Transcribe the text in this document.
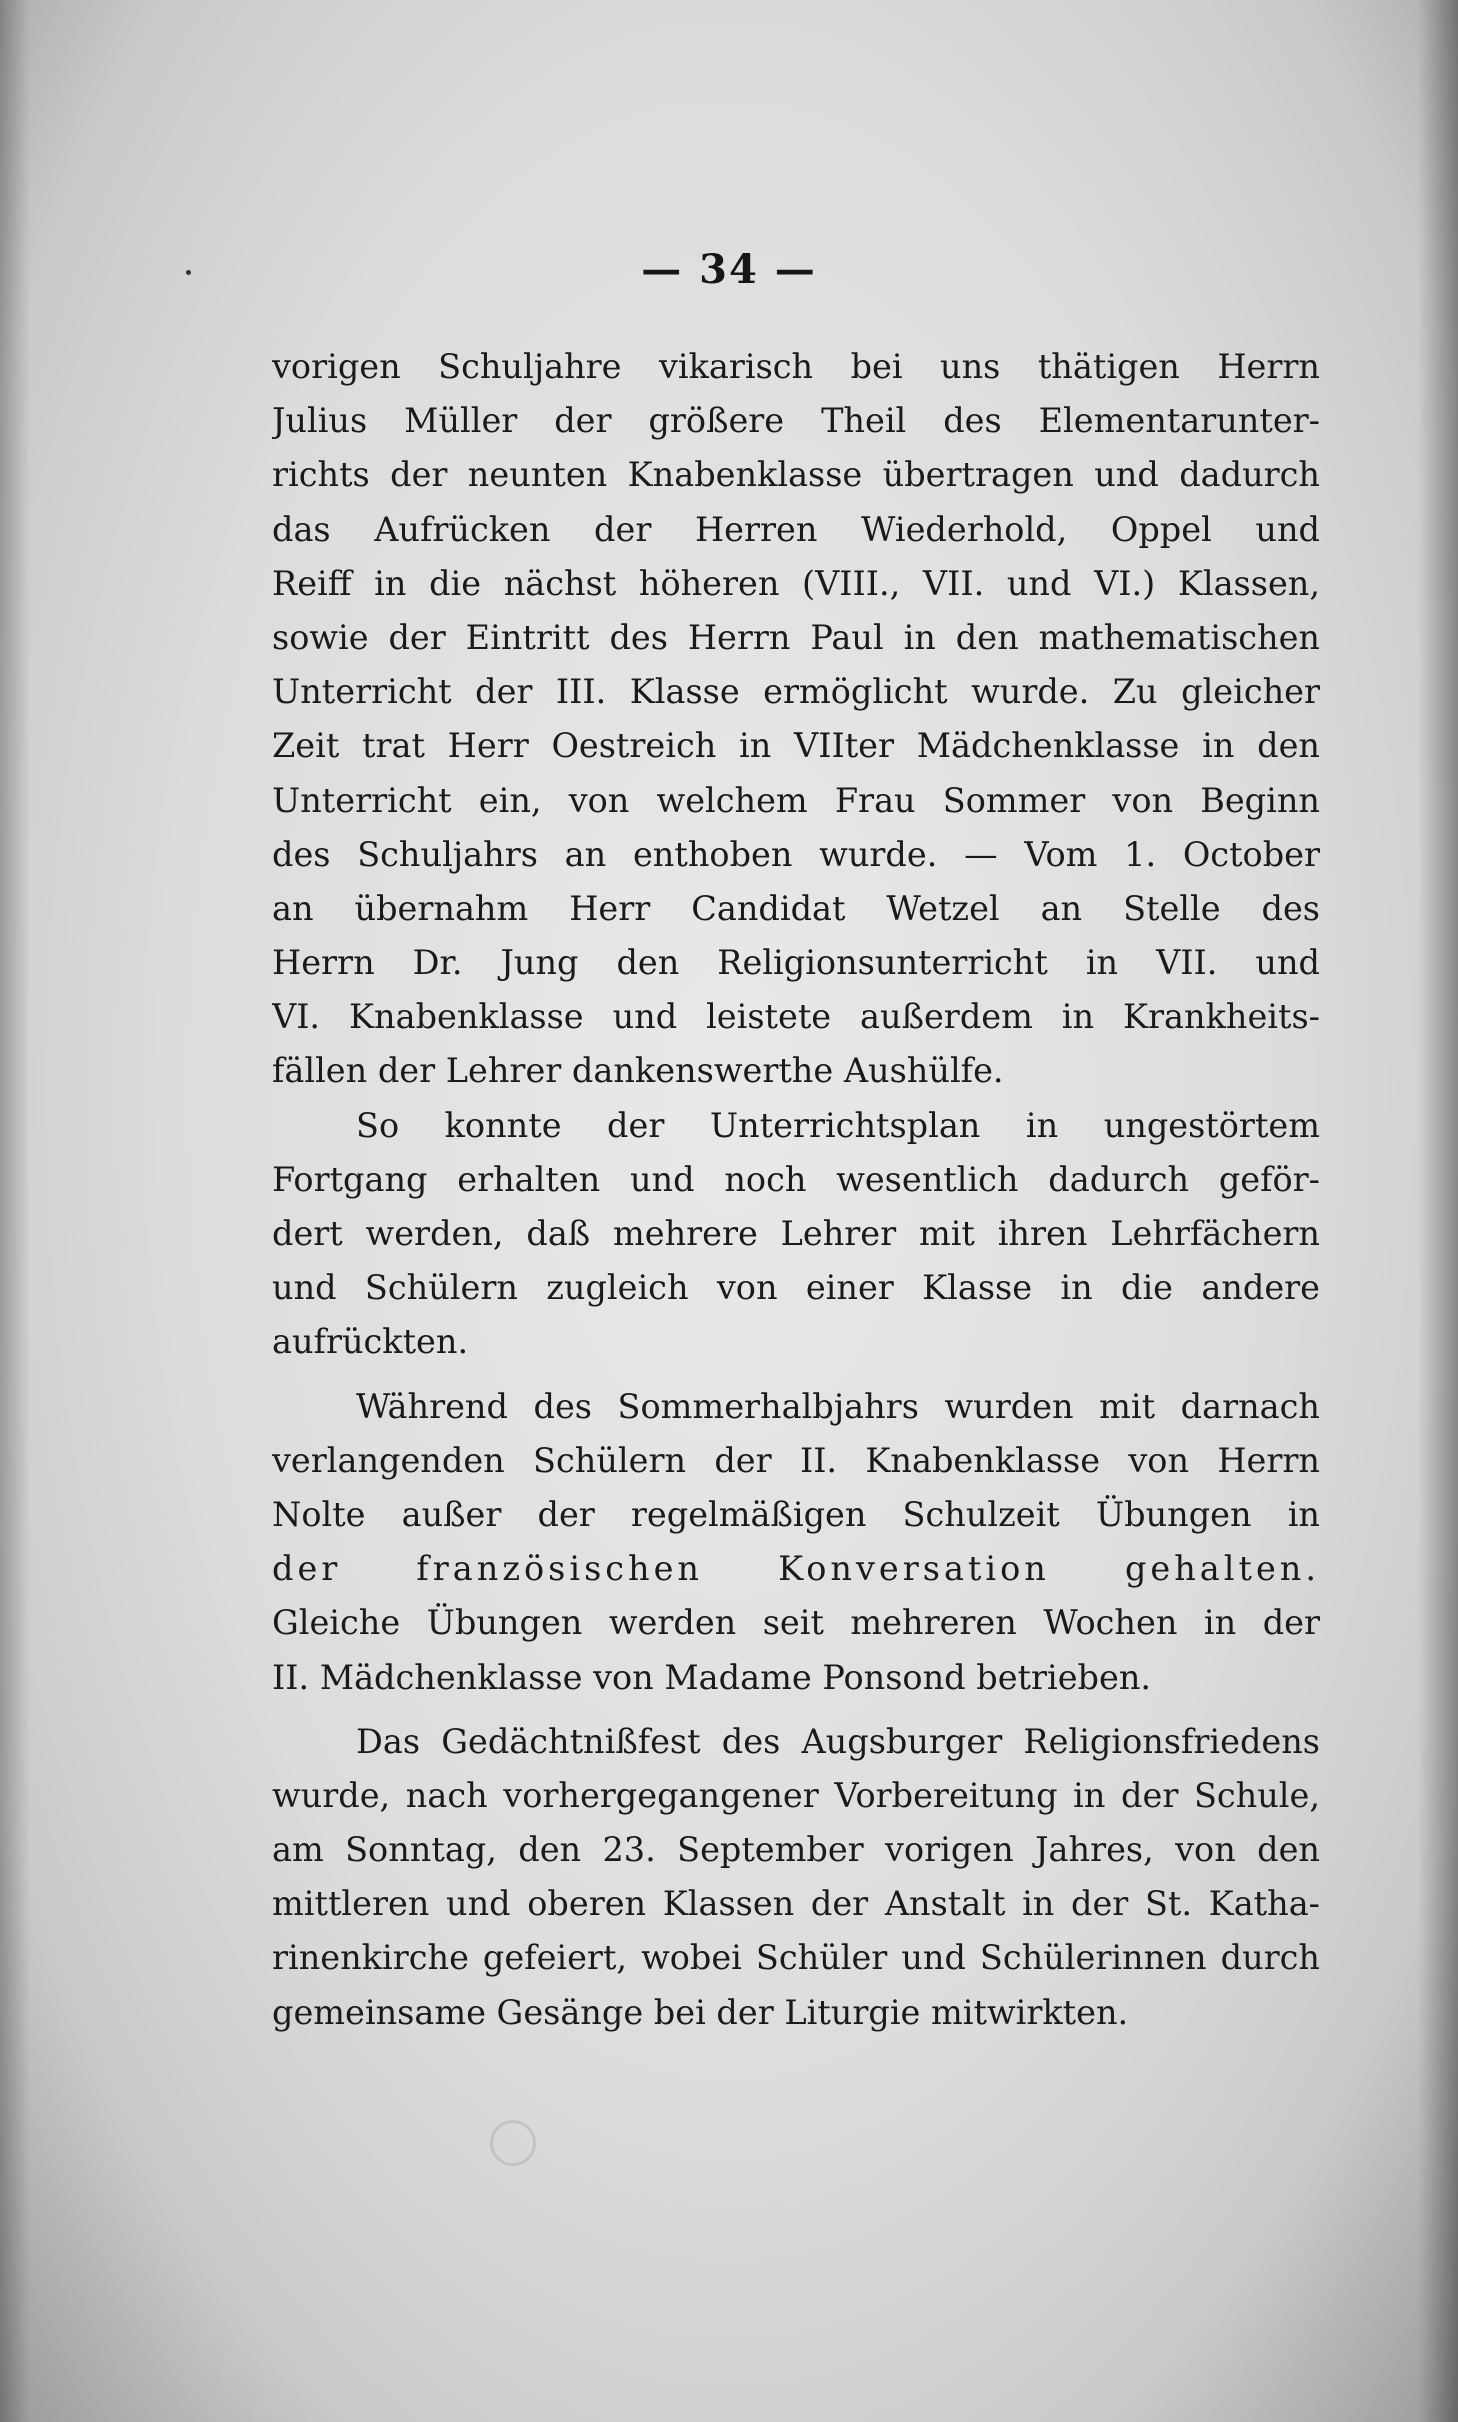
— 34 —
vorigen Schuljahre vikarisch bei uns thätigen Herrn
Julius Müller der größere Theil des Elementarunter-
richts der neunten Knabenklasse übertragen und dadurch
das Aufrücken der Herren Wiederhold, Oppel und
Reiff in die nächst höheren (VIII., VII. und VI.) Klassen,
sowie der Eintritt des Herrn Paul in den mathematischen
Unterricht der III. Klasse ermöglicht wurde. Zu gleicher
Zeit trat Herr Oestreich in VIIter Mädchenklasse in den
Unterricht ein, von welchem Frau Sommer von Beginn
des Schuljahrs an enthoben wurde. — Vom 1. October
an übernahm Herr Candidat Wetzel an Stelle des
Herrn Dr. Jung den Religionsunterricht in VII. und
VI. Knabenklasse und leistete außerdem in Krankheits-
fällen der Lehrer dankenswerthe Aushülfe.
So konnte der Unterrichtsplan in ungestörtem
Fortgang erhalten und noch wesentlich dadurch geför-
dert werden, daß mehrere Lehrer mit ihren Lehrfächern
und Schülern zugleich von einer Klasse in die andere
aufrückten.
Während des Sommerhalbjahrs wurden mit darnach
verlangenden Schülern der II. Knabenklasse von Herrn
Nolte außer der regelmäßigen Schulzeit Übungen in
der französischen Konversation gehalten.
Gleiche Übungen werden seit mehreren Wochen in der
II. Mädchenklasse von Madame Ponsond betrieben.
Das Gedächtnißfest des Augsburger Religionsfriedens
wurde, nach vorhergegangener Vorbereitung in der Schule,
am Sonntag, den 23. September vorigen Jahres, von den
mittleren und oberen Klassen der Anstalt in der St. Katha-
rinenkirche gefeiert, wobei Schüler und Schülerinnen durch
gemeinsame Gesänge bei der Liturgie mitwirkten.
